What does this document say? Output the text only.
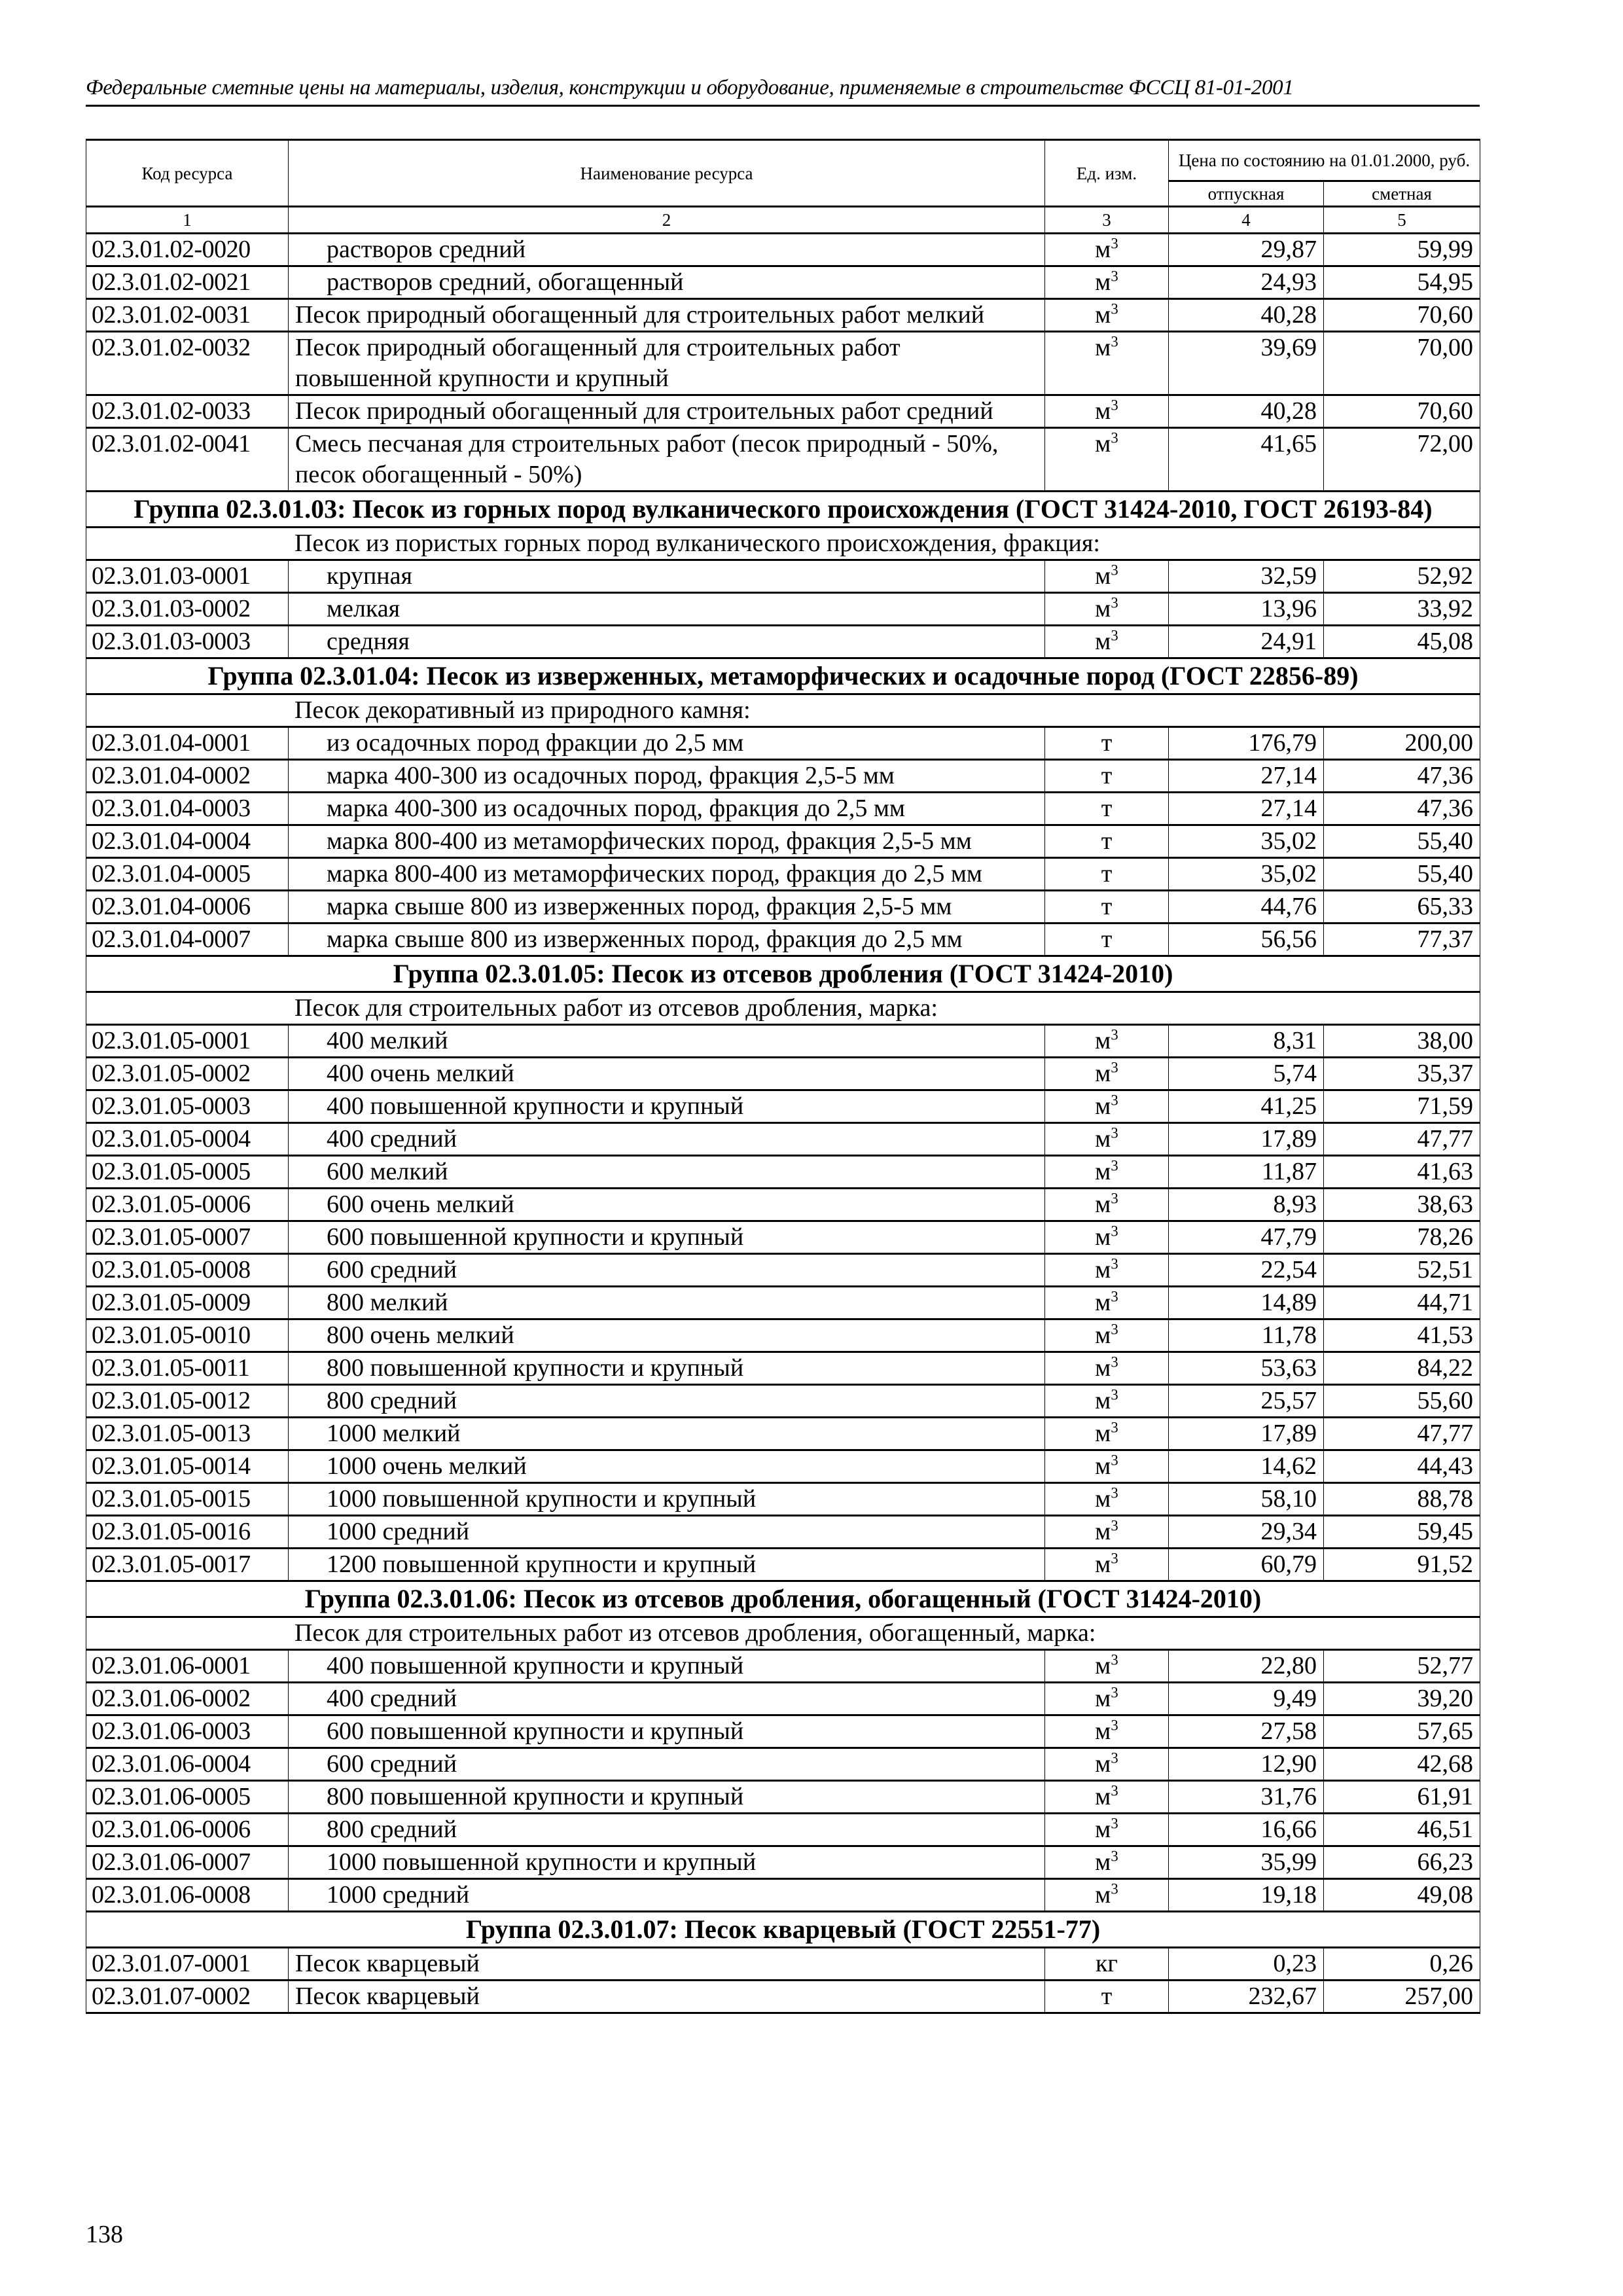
Федеральные сметные цены на материалы, изделия, конструкции и оборудование, применяемые в строительстве ФССЦ 81-01-2001
Код ресурса	Наименование ресурса	Ед. изм.	Цена по состоянию на 01.01.2000, руб.	
			отпускная	сметная
1	2	3	4	5
02.3.01.02-0020	растворов средний	$м^3$	29,87	59,99
02.3.01.02-0021	растворов средний, обогащенный	$м^3$	24,93	54,95
02.3.01.02-0031	Песок природный обогащенный для строительных работ мелкий	$м^3$	40,28	70,60
02.3.01.02-0032	Песок природный обогащенный для строительных работ повышенной крупности и крупный	$м^3$	39,69	70,00
02.3.01.02-0033	Песок природный обогащенный для строительных работ средний	$м^3$	40,28	70,60
02.3.01.02-0041	Смесь песчаная для строительных работ (песок природный - 50%, песок обогащенный - 50%)	$м^3$	41,65	72,00
Группа 02.3.01.03: Песок из горных пород вулканического происхождения (ГОСТ 31424-2010, ГОСТ 26193-84)				
Песок из пористых горных пород вулканического происхождения, фракция:				
02.3.01.03-0001	крупная	$м^3$	32,59	52,92
02.3.01.03-0002	мелкая	$м^3$	13,96	33,92
02.3.01.03-0003	средняя	$м^3$	24,91	45,08
Группа 02.3.01.04: Песок из изверженных, метаморфических и осадочные пород (ГОСТ 22856-89)				
Песок декоративный из природного камня:				
02.3.01.04-0001	из осадочных пород фракции до 2,5 мм	т	176,79	200,00
02.3.01.04-0002	марка 400-300 из осадочных пород, фракция 2,5-5 мм	т	27,14	47,36
02.3.01.04-0003	марка 400-300 из осадочных пород, фракция до 2,5 мм	т	27,14	47,36
02.3.01.04-0004	марка 800-400 из метаморфических пород, фракция 2,5-5 мм	т	35,02	55,40
02.3.01.04-0005	марка 800-400 из метаморфических пород, фракция до 2,5 мм	т	35,02	55,40
02.3.01.04-0006	марка свыше 800 из изверженных пород, фракция 2,5-5 мм	т	44,76	65,33
02.3.01.04-0007	марка свыше 800 из изверженных пород, фракция до 2,5 мм	т	56,56	77,37
Группа 02.3.01.05: Песок из отсевов дробления (ГОСТ 31424-2010)				
Песок для строительных работ из отсевов дробления, марка:				
02.3.01.05-0001	400 мелкий	$м^3$	8,31	38,00
02.3.01.05-0002	400 очень мелкий	$м^3$	5,74	35,37
02.3.01.05-0003	400 повышенной крупности и крупный	$м^3$	41,25	71,59
02.3.01.05-0004	400 средний	$м^3$	17,89	47,77
02.3.01.05-0005	600 мелкий	$м^3$	11,87	41,63
02.3.01.05-0006	600 очень мелкий	$м^3$	8,93	38,63
02.3.01.05-0007	600 повышенной крупности и крупный	$м^3$	47,79	78,26
02.3.01.05-0008	600 средний	$м^3$	22,54	52,51
02.3.01.05-0009	800 мелкий	$м^3$	14,89	44,71
02.3.01.05-0010	800 очень мелкий	$м^3$	11,78	41,53
02.3.01.05-0011	800 повышенной крупности и крупный	$м^3$	53,63	84,22
02.3.01.05-0012	800 средний	$м^3$	25,57	55,60
02.3.01.05-0013	1000 мелкий	$м^3$	17,89	47,77
02.3.01.05-0014	1000 очень мелкий	$м^3$	14,62	44,43
02.3.01.05-0015	1000 повышенной крупности и крупный	$м^3$	58,10	88,78
02.3.01.05-0016	1000 средний	$м^3$	29,34	59,45
02.3.01.05-0017	1200 повышенной крупности и крупный	$м^3$	60,79	91,52
Группа 02.3.01.06: Песок из отсевов дробления, обогащенный (ГОСТ 31424-2010)				
Песок для строительных работ из отсевов дробления, обогащенный, марка:				
02.3.01.06-0001	400 повышенной крупности и крупный	$м^3$	22,80	52,77
02.3.01.06-0002	400 средний	$м^3$	9,49	39,20
02.3.01.06-0003	600 повышенной крупности и крупный	$м^3$	27,58	57,65
02.3.01.06-0004	600 средний	$м^3$	12,90	42,68
02.3.01.06-0005	800 повышенной крупности и крупный	$м^3$	31,76	61,91
02.3.01.06-0006	800 средний	$м^3$	16,66	46,51
02.3.01.06-0007	1000 повышенной крупности и крупный	$м^3$	35,99	66,23
02.3.01.06-0008	1000 средний	$м^3$	19,18	49,08
Группа 02.3.01.07: Песок кварцевый (ГОСТ 22551-77)				
02.3.01.07-0001	Песок кварцевый	кг	0,23	0,26
02.3.01.07-0002	Песок кварцевый	т	232,67	257,00
138
